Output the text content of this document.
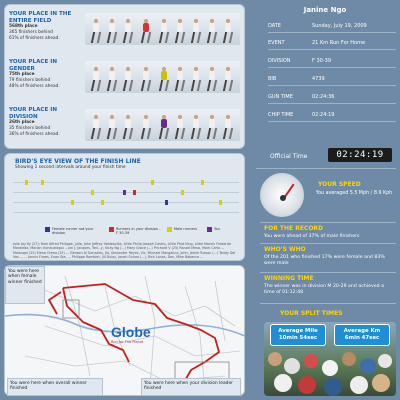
YOUR PLACE IN THE ENTIRE FIELD
568th place
365 finishers behind
61% of finishers ahead.
YOUR PLACE IN GENDER
75th place
79 finishers behind
48% of finishers ahead.
YOUR PLACE IN DIVISION
26th place
35 finishers behind
36% of finishers ahead.
BIRD'S EYE VIEW OF THE FINISH LINE
Showing 1 second intervals around your finish time
Female runner not your division
Runners in your division - F 30-39
Male runners	You
Julie Jay Ky (27); Roel Alfred Philippe, Julie, John Jeffrey Valdeavilla, Little Philip Joseph Castro, Little Phat King, Little Marvin Frederick Moraleda, Marian Inchaustegui ...ion J. Jacques, Ted...y, Vicky Ng (...) Mary Grace (...) Prichard V (25) Ranzel Mesa, Mark Carlo ... Malangol (25) Elena Orena (25) ... Gimson Al Gonzales, Jio, Alexander Reyes, Vic, Michael Mangalino, John, Jamie Tuason (...) Teddy Del Vas..., ... Jennis Flores, Evan Sta, ... Philippe Ramblet, Jill Dulay, Jonah Ochoa (...), Rick Lanza, Don, Mike Babecca ...
You were here when female winner finished
You were here when overall winner finished
You were here when your division leader finished
Globe
Run for The Planet
Janine Ngo
DATE	Sunday, July 19, 2009
EVENT	21 Km Run For Home
DIVISION	F 30-39
BIB	4739
GUN TIME	02:24:36
CHIP TIME	02:24:19
Official Time	02:24:19
YOUR SPEED
You averaged 5.5 Mph / 8.9 Kph
FOR THE RECORD
You were ahead of 37% of male finishers
WHO'S WHO
Of the 201 who finished 17% were female and 83% were male
WINNING TIME
The winner was in division M 20-29 and achieved a time of 01:12:48
YOUR SPLIT TIMES
Average Mile
10min 54sec
Average Km
6min 47sec
